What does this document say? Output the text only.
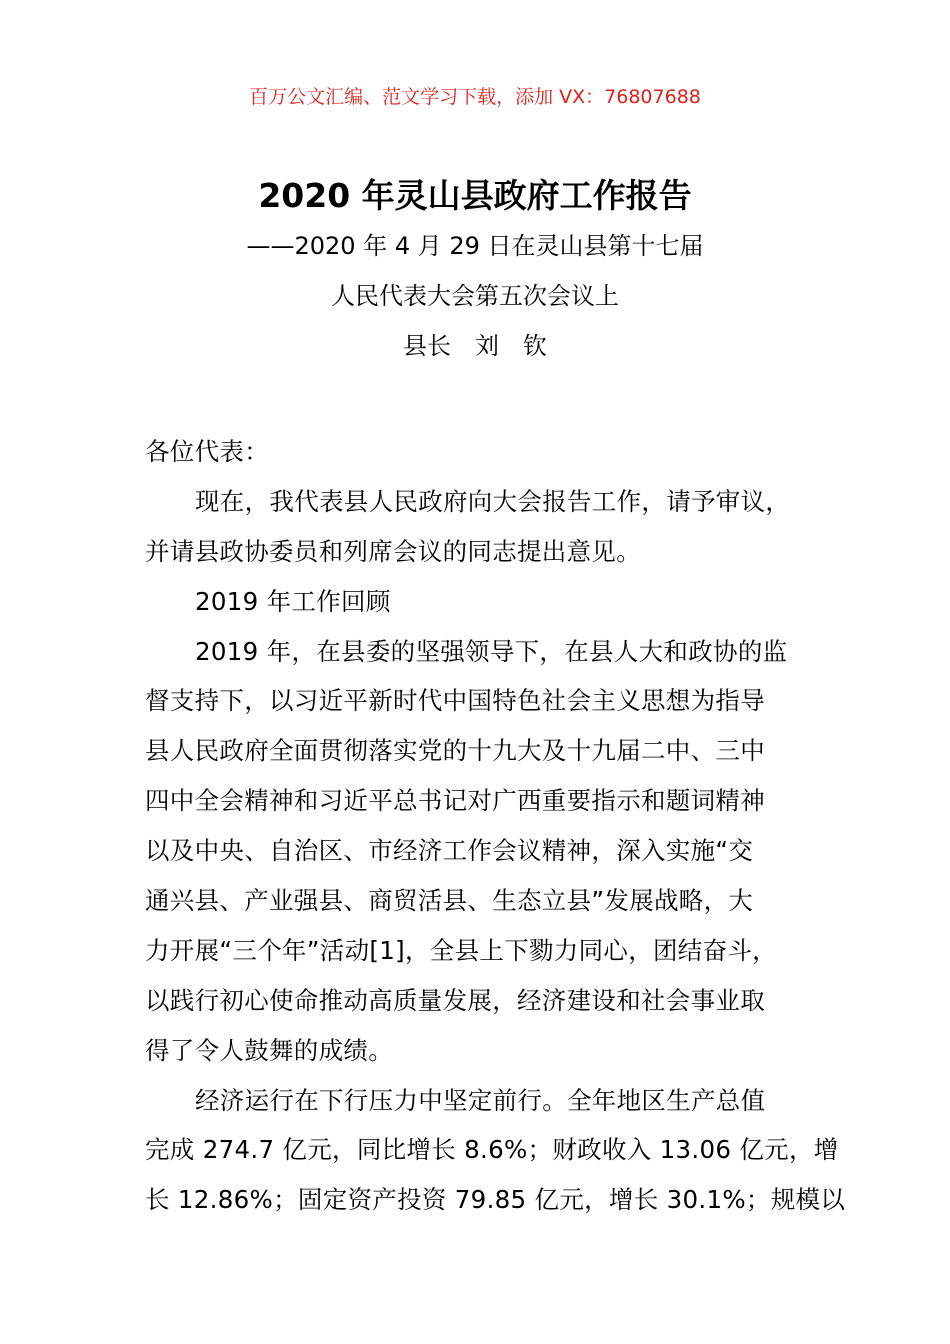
百万公文汇编、范文学习下载，添加 VX：76807688
2020 年灵山县政府工作报告
——2020 年 4 月 29 日在灵山县第十七届
人民代表大会第五次会议上
县长　刘　钦
各位代表：
现在，我代表县人民政府向大会报告工作，请予审议，
并请县政协委员和列席会议的同志提出意见。
2019 年工作回顾
2019 年，在县委的坚强领导下，在县人大和政协的监
督支持下，以习近平新时代中国特色社会主义思想为指导
县人民政府全面贯彻落实党的十九大及十九届二中、三中
四中全会精神和习近平总书记对广西重要指示和题词精神
以及中央、自治区、市经济工作会议精神，深入实施“交
通兴县、产业强县、商贸活县、生态立县”发展战略，大
力开展“三个年”活动[1]，全县上下勠力同心，团结奋斗，
以践行初心使命推动高质量发展，经济建设和社会事业取
得了令人鼓舞的成绩。
经济运行在下行压力中坚定前行。全年地区生产总值
完成 274.7 亿元，同比增长 8.6%；财政收入 13.06 亿元，增
长 12.86%；固定资产投资 79.85 亿元，增长 30.1%；规模以
